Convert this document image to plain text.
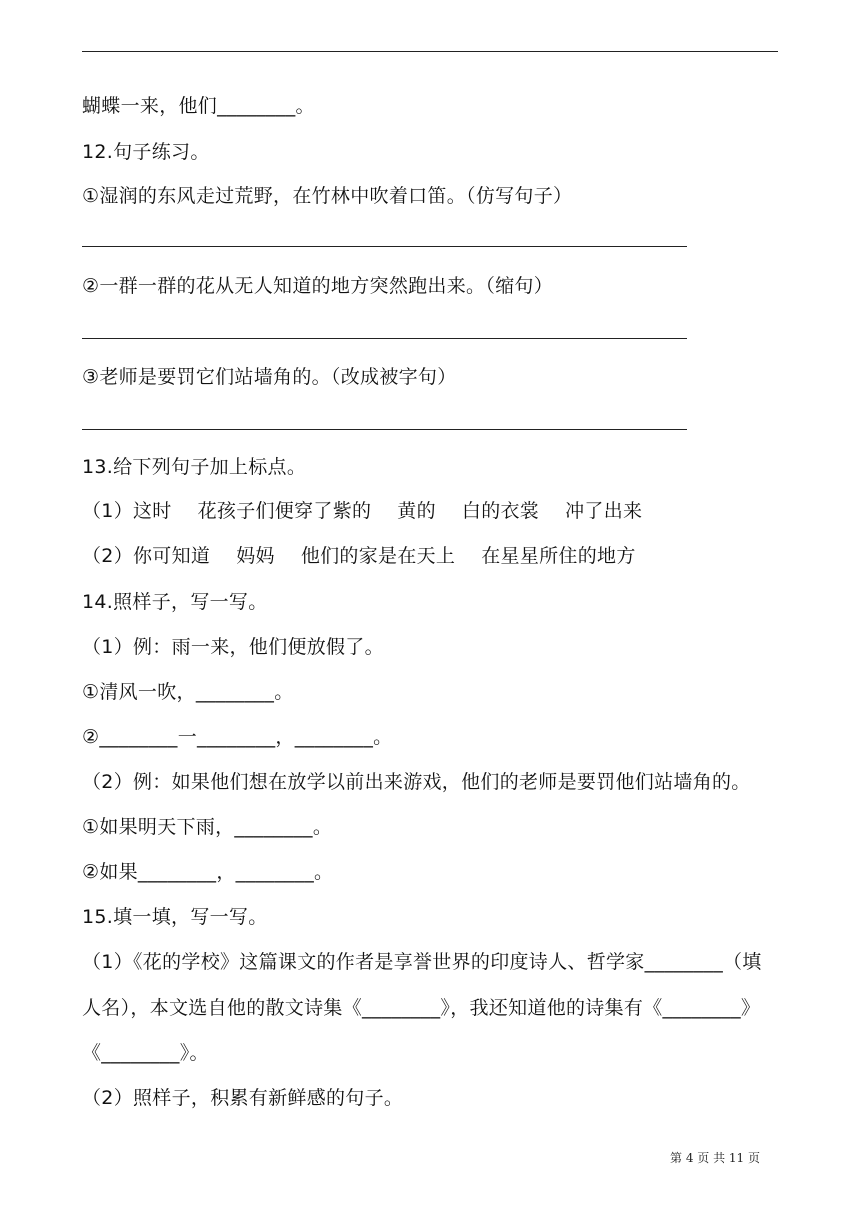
蝴蝶一来，他们________。
12.句子练习。
①湿润的东风走过荒野，在竹林中吹着口笛。（仿写句子）
②一群一群的花从无人知道的地方突然跑出来。（缩句）
③老师是要罚它们站墙角的。（改成被字句）
13.给下列句子加上标点。
（1）这时 花孩子们便穿了紫的 黄的 白的衣裳 冲了出来
（2）你可知道 妈妈 他们的家是在天上 在星星所住的地方
14.照样子，写一写。
（1）例：雨一来，他们便放假了。
①清风一吹，________。
②________一________，________。
（2）例：如果他们想在放学以前出来游戏，他们的老师是要罚他们站墙角的。
①如果明天下雨，________。
②如果________，________。
15.填一填，写一写。
（1）《花的学校》这篇课文的作者是享誉世界的印度诗人、哲学家________（填
人名），本文选自他的散文诗集《________》，我还知道他的诗集有《________》
《________》。
（2）照样子，积累有新鲜感的句子。
第 4 页 共 11 页
